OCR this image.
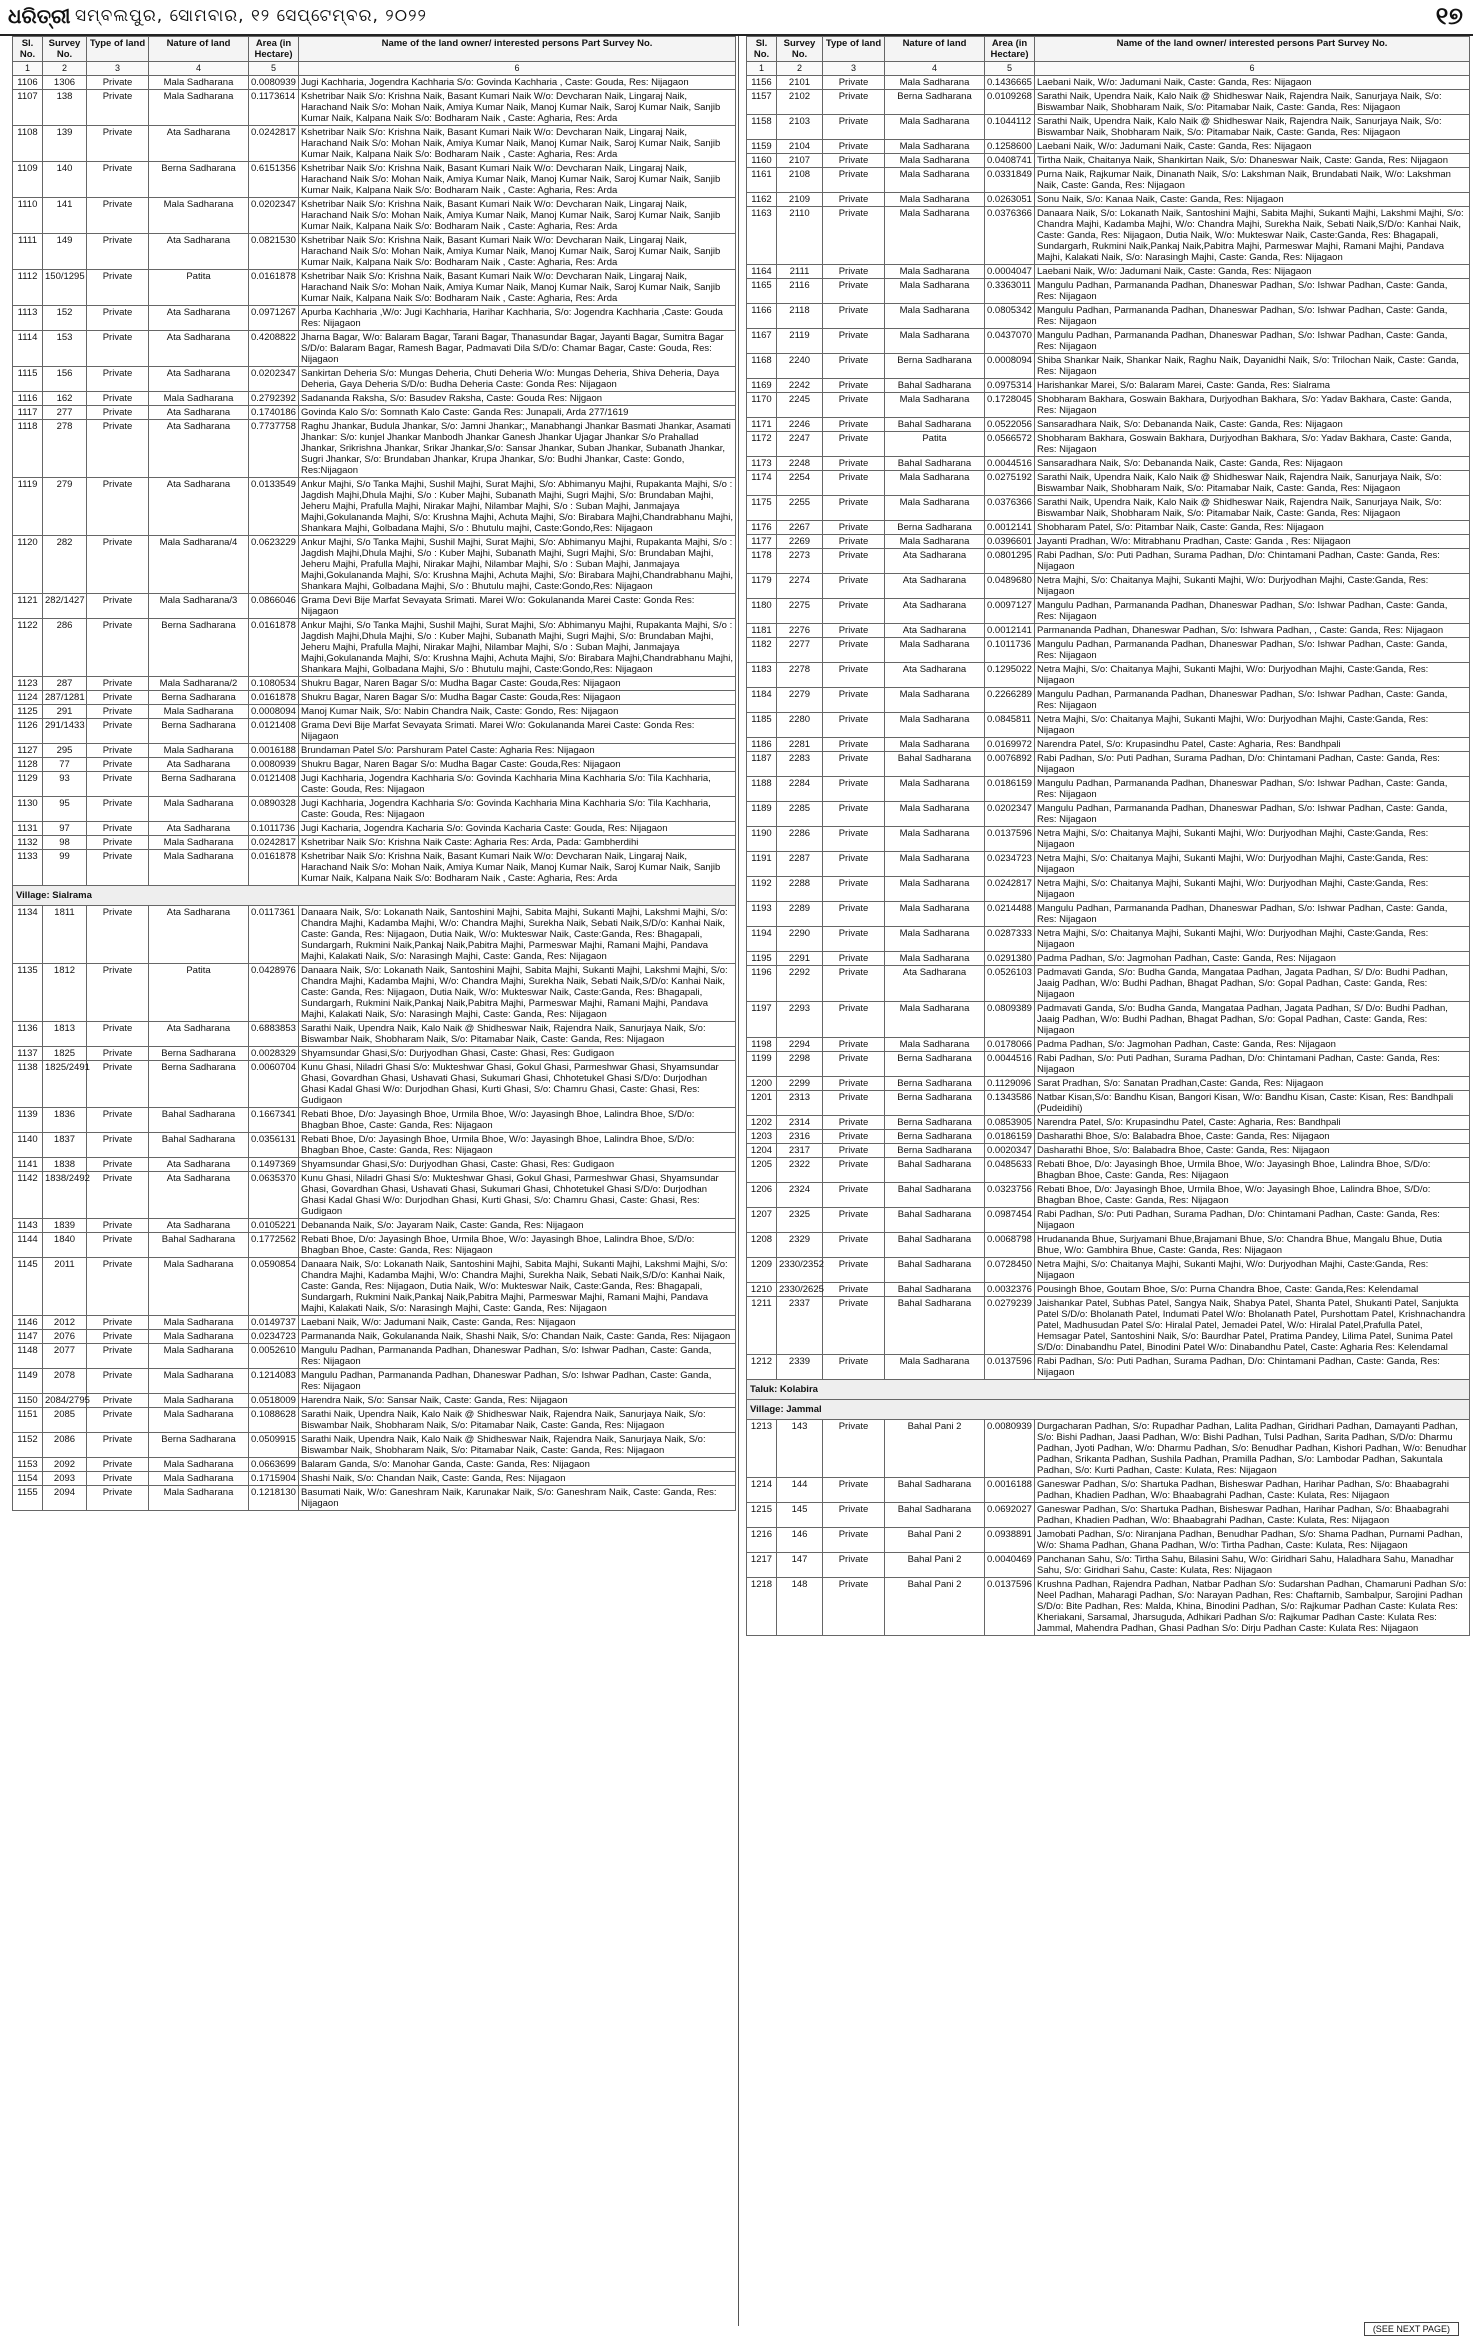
ଧରିତ୍ରୀ ସମ୍ବଲପୁର, ସୋମବାର, ୧୨ ସେପ୍ଟେମ୍ବର, ୨୦୨୨	୧୭
Sl. No.	Survey No.	Type of land	Nature of land	Area (in Hectare)	Name of the land owner/ interested persons Part Survey No.
1	2	3	4	5	6
1106	1306	Private	Mala Sadharana	0.0080939	Jugi Kachharia, Jogendra Kachharia S/o: Govinda Kachharia , Caste: Gouda, Res: Nijagaon
1107	138	Private	Mala Sadharana	0.1173614	Kshetribar Naik S/o: Krishna Naik, Basant Kumari Naik W/o: Devcharan Naik, Lingaraj Naik, Harachand Naik S/o: Mohan Naik, Amiya Kumar Naik, Manoj Kumar Naik, Saroj Kumar Naik, Sanjib Kumar Naik, Kalpana Naik S/o: Bodharam Naik , Caste: Agharia, Res: Arda
1108	139	Private	Ata Sadharana	0.0242817	Kshetribar Naik S/o: Krishna Naik, Basant Kumari Naik W/o: Devcharan Naik, Lingaraj Naik, Harachand Naik S/o: Mohan Naik, Amiya Kumar Naik, Manoj Kumar Naik, Saroj Kumar Naik, Sanjib Kumar Naik, Kalpana Naik S/o: Bodharam Naik , Caste: Agharia, Res: Arda
1109	140	Private	Berna Sadharana	0.6151356	Kshetribar Naik S/o: Krishna Naik, Basant Kumari Naik W/o: Devcharan Naik, Lingaraj Naik, Harachand Naik S/o: Mohan Naik, Amiya Kumar Naik, Manoj Kumar Naik, Saroj Kumar Naik, Sanjib Kumar Naik, Kalpana Naik S/o: Bodharam Naik , Caste: Agharia, Res: Arda
1110	141	Private	Mala Sadharana	0.0202347	Kshetribar Naik S/o: Krishna Naik, Basant Kumari Naik W/o: Devcharan Naik, Lingaraj Naik, Harachand Naik S/o: Mohan Naik, Amiya Kumar Naik, Manoj Kumar Naik, Saroj Kumar Naik, Sanjib Kumar Naik, Kalpana Naik S/o: Bodharam Naik , Caste: Agharia, Res: Arda
1111	149	Private	Ata Sadharana	0.0821530	Kshetribar Naik S/o: Krishna Naik, Basant Kumari Naik W/o: Devcharan Naik, Lingaraj Naik, Harachand Naik S/o: Mohan Naik, Amiya Kumar Naik, Manoj Kumar Naik, Saroj Kumar Naik, Sanjib Kumar Naik, Kalpana Naik S/o: Bodharam Naik , Caste: Agharia, Res: Arda
1112	150/1295	Private	Patita	0.0161878	Kshetribar Naik S/o: Krishna Naik, Basant Kumari Naik W/o: Devcharan Naik, Lingaraj Naik, Harachand Naik S/o: Mohan Naik, Amiya Kumar Naik, Manoj Kumar Naik, Saroj Kumar Naik, Sanjib Kumar Naik, Kalpana Naik S/o: Bodharam Naik , Caste: Agharia, Res: Arda
1113	152	Private	Ata Sadharana	0.0971267	Apurba Kachharia ,W/o: Jugi Kachharia, Harihar Kachharia, S/o: Jogendra Kachharia ,Caste: Gouda Res: Nijagaon
1114	153	Private	Ata Sadharana	0.4208822	Jharna Bagar, W/o: Balaram Bagar, Tarani Bagar, Thanasundar Bagar, Jayanti Bagar, Sumitra Bagar S/D/o: Balaram Bagar, Ramesh Bagar, Padmavati Dila S/D/o: Chamar Bagar, Caste: Gouda, Res: Nijagaon
1115	156	Private	Ata Sadharana	0.0202347	Sankirtan Deheria S/o: Mungas Deheria, Chuti Deheria W/o: Mungas Deheria, Shiva Deheria, Daya Deheria, Gaya Deheria S/D/o: Budha Deheria Caste: Gonda Res: Nijagaon
1116	162	Private	Mala Sadharana	0.2792392	Sadananda Raksha, S/o: Basudev Raksha, Caste: Gouda Res: Nijgaon
1117	277	Private	Ata Sadharana	0.1740186	Govinda Kalo S/o: Somnath Kalo Caste: Ganda Res: Junapali, Arda 277/1619
1118	278	Private	Ata Sadharana	0.7737758	Raghu Jhankar, Budula Jhankar, S/o: Jamni Jhankar;, Manabhangi Jhankar Basmati Jhankar, Asamati Jhankar: S/o: kunjel Jhankar Manbodh Jhankar Ganesh Jhankar Ujagar Jhankar S/o Prahallad Jhankar, Srikrishna Jhankar, Srikar Jhankar,S/o: Sansar Jhankar, Suban Jhankar, Subanath Jhankar, Sugri Jhankar, S/o: Brundaban Jhankar, Krupa Jhankar, S/o: Budhi Jhankar, Caste: Gondo, Res:Nijagaon
1119	279	Private	Ata Sadharana	0.0133549	Ankur Majhi, S/o Tanka Majhi, Sushil Majhi, Surat Majhi, S/o: Abhimanyu Majhi, Rupakanta Majhi, S/o : Jagdish Majhi,Dhula Majhi, S/o : Kuber Majhi, Subanath Majhi, Sugri Majhi, S/o: Brundaban Majhi, Jeheru Majhi, Prafulla Majhi, Nirakar Majhi, Nilambar Majhi, S/o : Suban Majhi, Janmajaya Majhi,Gokulananda Majhi, S/o: Krushna Majhi, Achuta Majhi, S/o: Birabara Majhi,Chandrabhanu Majhi, Shankara Majhi, Golbadana Majhi, S/o : Bhutulu majhi, Caste:Gondo,Res: Nijagaon
1120	282	Private	Mala Sadharana/4	0.0623229	Ankur Majhi, S/o Tanka Majhi, Sushil Majhi, Surat Majhi, S/o: Abhimanyu Majhi, Rupakanta Majhi, S/o : Jagdish Majhi,Dhula Majhi, S/o : Kuber Majhi, Subanath Majhi, Sugri Majhi, S/o: Brundaban Majhi, Jeheru Majhi, Prafulla Majhi, Nirakar Majhi, Nilambar Majhi, S/o : Suban Majhi, Janmajaya Majhi,Gokulananda Majhi, S/o: Krushna Majhi, Achuta Majhi, S/o: Birabara Majhi,Chandrabhanu Majhi, Shankara Majhi, Golbadana Majhi, S/o : Bhutulu majhi, Caste:Gondo,Res: Nijagaon
1121	282/1427	Private	Mala Sadharana/3	0.0866046	Grama Devi Bije Marfat Sevayata Srimati. Marei W/o: Gokulananda Marei Caste: Gonda Res: Nijagaon
1122	286	Private	Berna Sadharana	0.0161878	Ankur Majhi, S/o Tanka Majhi, Sushil Majhi, Surat Majhi, S/o: Abhimanyu Majhi, Rupakanta Majhi, S/o : Jagdish Majhi,Dhula Majhi, S/o : Kuber Majhi, Subanath Majhi, Sugri Majhi, S/o: Brundaban Majhi, Jeheru Majhi, Prafulla Majhi, Nirakar Majhi, Nilambar Majhi, S/o : Suban Majhi, Janmajaya Majhi,Gokulananda Majhi, S/o: Krushna Majhi, Achuta Majhi, S/o: Birabara Majhi,Chandrabhanu Majhi, Shankara Majhi, Golbadana Majhi, S/o : Bhutulu majhi, Caste:Gondo,Res: Nijagaon
1123	287	Private	Mala Sadharana/2	0.1080534	Shukru Bagar, Naren Bagar S/o: Mudha Bagar Caste: Gouda,Res: Nijagaon
1124	287/1281	Private	Berna Sadharana	0.0161878	Shukru Bagar, Naren Bagar S/o: Mudha Bagar Caste: Gouda,Res: Nijagaon
1125	291	Private	Mala Sadharana	0.0008094	Manoj Kumar Naik, S/o: Nabin Chandra Naik, Caste: Gondo, Res: Nijagaon
1126	291/1433	Private	Berna Sadharana	0.0121408	Grama Devi Bije Marfat Sevayata Srimati. Marei W/o: Gokulananda Marei Caste: Gonda Res: Nijagaon
1127	295	Private	Mala Sadharana	0.0016188	Brundaman Patel S/o: Parshuram Patel Caste: Agharia Res: Nijagaon
1128	77	Private	Ata Sadharana	0.0080939	Shukru Bagar, Naren Bagar S/o: Mudha Bagar Caste: Gouda,Res: Nijagaon
1129	93	Private	Berna Sadharana	0.0121408	Jugi Kachharia, Jogendra Kachharia S/o: Govinda Kachharia Mina Kachharia S/o: Tila Kachharia, Caste: Gouda, Res: Nijagaon
1130	95	Private	Mala Sadharana	0.0890328	Jugi Kachharia, Jogendra Kachharia S/o: Govinda Kachharia Mina Kachharia S/o: Tila Kachharia, Caste: Gouda, Res: Nijagaon
1131	97	Private	Ata Sadharana	0.1011736	Jugi Kacharia, Jogendra Kacharia S/o: Govinda Kacharia Caste: Gouda, Res: Nijagaon
1132	98	Private	Mala Sadharana	0.0242817	Kshetribar Naik S/o: Krishna Naik Caste: Agharia Res: Arda, Pada: Gambherdihi
1133	99	Private	Mala Sadharana	0.0161878	Kshetribar Naik S/o: Krishna Naik, Basant Kumari Naik W/o: Devcharan Naik, Lingaraj Naik, Harachand Naik S/o: Mohan Naik, Amiya Kumar Naik, Manoj Kumar Naik, Saroj Kumar Naik, Sanjib Kumar Naik, Kalpana Naik S/o: Bodharam Naik , Caste: Agharia, Res: Arda
Village: Sialrama					
1134	1811	Private	Ata Sadharana	0.0117361	Danaara Naik, S/o: Lokanath Naik, Santoshini Majhi, Sabita Majhi, Sukanti Majhi, Lakshmi Majhi, S/o: Chandra Majhi, Kadamba Majhi, W/o: Chandra Majhi, Surekha Naik, Sebati Naik,S/D/o: Kanhai Naik, Caste: Ganda, Res: Nijagaon, Dutia Naik, W/o: Mukteswar Naik, Caste:Ganda, Res: Bhagapali, Sundargarh, Rukmini Naik,Pankaj Naik,Pabitra Majhi, Parmeswar Majhi, Ramani Majhi, Pandava Majhi, Kalakati Naik, S/o: Narasingh Majhi, Caste: Ganda, Res: Nijagaon
1135	1812	Private	Patita	0.0428976	Danaara Naik, S/o: Lokanath Naik, Santoshini Majhi, Sabita Majhi, Sukanti Majhi, Lakshmi Majhi, S/o: Chandra Majhi, Kadamba Majhi, W/o: Chandra Majhi, Surekha Naik, Sebati Naik,S/D/o: Kanhai Naik, Caste: Ganda, Res: Nijagaon, Dutia Naik, W/o: Mukteswar Naik, Caste:Ganda, Res: Bhagapali, Sundargarh, Rukmini Naik,Pankaj Naik,Pabitra Majhi, Parmeswar Majhi, Ramani Majhi, Pandava Majhi, Kalakati Naik, S/o: Narasingh Majhi, Caste: Ganda, Res: Nijagaon
1136	1813	Private	Ata Sadharana	0.6883853	Sarathi Naik, Upendra Naik, Kalo Naik @ Shidheswar Naik, Rajendra Naik, Sanurjaya Naik, S/o: Biswambar Naik, Shobharam Naik, S/o: Pitamabar Naik, Caste: Ganda, Res: Nijagaon
1137	1825	Private	Berna Sadharana	0.0028329	Shyamsundar Ghasi,S/o: Durjyodhan Ghasi, Caste: Ghasi, Res: Gudigaon
1138	1825/2491	Private	Berna Sadharana	0.0060704	Kunu Ghasi, Niladri Ghasi S/o: Mukteshwar Ghasi, Gokul Ghasi, Parmeshwar Ghasi, Shyamsundar Ghasi, Govardhan Ghasi, Ushavati Ghasi, Sukumari Ghasi, Chhotetukel Ghasi S/D/o: Durjodhan Ghasi Kadal Ghasi W/o: Durjodhan Ghasi, Kurti Ghasi, S/o: Chamru Ghasi, Caste: Ghasi, Res: Gudigaon
1139	1836	Private	Bahal Sadharana	0.1667341	Rebati Bhoe, D/o: Jayasingh Bhoe, Urmila Bhoe, W/o: Jayasingh Bhoe, Lalindra Bhoe, S/D/o: Bhagban Bhoe, Caste: Ganda, Res: Nijagaon
1140	1837	Private	Bahal Sadharana	0.0356131	Rebati Bhoe, D/o: Jayasingh Bhoe, Urmila Bhoe, W/o: Jayasingh Bhoe, Lalindra Bhoe, S/D/o: Bhagban Bhoe, Caste: Ganda, Res: Nijagaon
1141	1838	Private	Ata Sadharana	0.1497369	Shyamsundar Ghasi,S/o: Durjyodhan Ghasi, Caste: Ghasi, Res: Gudigaon
1142	1838/2492	Private	Ata Sadharana	0.0635370	Kunu Ghasi, Niladri Ghasi S/o: Mukteshwar Ghasi, Gokul Ghasi, Parmeshwar Ghasi, Shyamsundar Ghasi, Govardhan Ghasi, Ushavati Ghasi, Sukumari Ghasi, Chhotetukel Ghasi S/D/o: Durjodhan Ghasi Kadal Ghasi W/o: Durjodhan Ghasi, Kurti Ghasi, S/o: Chamru Ghasi, Caste: Ghasi, Res: Gudigaon
1143	1839	Private	Ata Sadharana	0.0105221	Debananda Naik, S/o: Jayaram Naik, Caste: Ganda, Res: Nijagaon
1144	1840	Private	Bahal Sadharana	0.1772562	Rebati Bhoe, D/o: Jayasingh Bhoe, Urmila Bhoe, W/o: Jayasingh Bhoe, Lalindra Bhoe, S/D/o: Bhagban Bhoe, Caste: Ganda, Res: Nijagaon
1145	2011	Private	Mala Sadharana	0.0590854	Danaara Naik, S/o: Lokanath Naik, Santoshini Majhi, Sabita Majhi, Sukanti Majhi, Lakshmi Majhi, S/o: Chandra Majhi, Kadamba Majhi, W/o: Chandra Majhi, Surekha Naik, Sebati Naik,S/D/o: Kanhai Naik, Caste: Ganda, Res: Nijagaon, Dutia Naik, W/o: Mukteswar Naik, Caste:Ganda, Res: Bhagapali, Sundargarh, Rukmini Naik,Pankaj Naik,Pabitra Majhi, Parmeswar Majhi, Ramani Majhi, Pandava Majhi, Kalakati Naik, S/o: Narasingh Majhi, Caste: Ganda, Res: Nijagaon
1146	2012	Private	Mala Sadharana	0.0149737	Laebani Naik, W/o: Jadumani Naik, Caste: Ganda, Res: Nijagaon
1147	2076	Private	Mala Sadharana	0.0234723	Parmananda Naik, Gokulananda Naik, Shashi Naik, S/o: Chandan Naik, Caste: Ganda, Res: Nijagaon
1148	2077	Private	Mala Sadharana	0.0052610	Mangulu Padhan, Parmananda Padhan, Dhaneswar Padhan, S/o: Ishwar Padhan, Caste: Ganda, Res: Nijagaon
1149	2078	Private	Mala Sadharana	0.1214083	Mangulu Padhan, Parmananda Padhan, Dhaneswar Padhan, S/o: Ishwar Padhan, Caste: Ganda, Res: Nijagaon
1150	2084/2795	Private	Mala Sadharana	0.0518009	Harendra Naik, S/o: Sansar Naik, Caste: Ganda, Res: Nijagaon
1151	2085	Private	Mala Sadharana	0.1088628	Sarathi Naik, Upendra Naik, Kalo Naik @ Shidheswar Naik, Rajendra Naik, Sanurjaya Naik, S/o: Biswambar Naik, Shobharam Naik, S/o: Pitamabar Naik, Caste: Ganda, Res: Nijagaon
1152	2086	Private	Berna Sadharana	0.0509915	Sarathi Naik, Upendra Naik, Kalo Naik @ Shidheswar Naik, Rajendra Naik, Sanurjaya Naik, S/o: Biswambar Naik, Shobharam Naik, S/o: Pitamabar Naik, Caste: Ganda, Res: Nijagaon
1153	2092	Private	Mala Sadharana	0.0663699	Balaram Ganda, S/o: Manohar Ganda, Caste: Ganda, Res: Nijagaon
1154	2093	Private	Mala Sadharana	0.1715904	Shashi Naik, S/o: Chandan Naik, Caste: Ganda, Res: Nijagaon
1155	2094	Private	Mala Sadharana	0.1218130	Basumati Naik, W/o: Ganeshram Naik, Karunakar Naik, S/o: Ganeshram Naik, Caste: Ganda, Res: Nijagaon
Sl. No.	Survey No.	Type of land	Nature of land	Area (in Hectare)	Name of the land owner/ interested persons Part Survey No.
1	2	3	4	5	6
1156	2101	Private	Mala Sadharana	0.1436665	Laebani Naik, W/o: Jadumani Naik, Caste: Ganda, Res: Nijagaon
1157	2102	Private	Berna Sadharana	0.0109268	Sarathi Naik, Upendra Naik, Kalo Naik @ Shidheswar Naik, Rajendra Naik, Sanurjaya Naik, S/o: Biswambar Naik, Shobharam Naik, S/o: Pitamabar Naik, Caste: Ganda, Res: Nijagaon
1158	2103	Private	Mala Sadharana	0.1044112	Sarathi Naik, Upendra Naik, Kalo Naik @ Shidheswar Naik, Rajendra Naik, Sanurjaya Naik, S/o: Biswambar Naik, Shobharam Naik, S/o: Pitamabar Naik, Caste: Ganda, Res: Nijagaon
1159	2104	Private	Mala Sadharana	0.1258600	Laebani Naik, W/o: Jadumani Naik, Caste: Ganda, Res: Nijagaon
1160	2107	Private	Mala Sadharana	0.0408741	Tirtha Naik, Chaitanya Naik, Shankirtan Naik, S/o: Dhaneswar Naik, Caste: Ganda, Res: Nijagaon
1161	2108	Private	Mala Sadharana	0.0331849	Purna Naik, Rajkumar Naik, Dinanath Naik, S/o: Lakshman Naik, Brundabati Naik, W/o: Lakshman Naik, Caste: Ganda, Res: Nijagaon
1162	2109	Private	Mala Sadharana	0.0263051	Sonu Naik, S/o: Kanaa Naik, Caste: Ganda, Res: Nijagaon
1163	2110	Private	Mala Sadharana	0.0376366	Danaara Naik, S/o: Lokanath Naik, Santoshini Majhi, Sabita Majhi, Sukanti Majhi, Lakshmi Majhi, S/o: Chandra Majhi, Kadamba Majhi, W/o: Chandra Majhi, Surekha Naik, Sebati Naik,S/D/o: Kanhai Naik, Caste: Ganda, Res: Nijagaon, Dutia Naik, W/o: Mukteswar Naik, Caste:Ganda, Res: Bhagapali, Sundargarh, Rukmini Naik,Pankaj Naik,Pabitra Majhi, Parmeswar Majhi, Ramani Majhi, Pandava Majhi, Kalakati Naik, S/o: Narasingh Majhi, Caste: Ganda, Res: Nijagaon
1164	2111	Private	Mala Sadharana	0.0004047	Laebani Naik, W/o: Jadumani Naik, Caste: Ganda, Res: Nijagaon
1165	2116	Private	Mala Sadharana	0.3363011	Mangulu Padhan, Parmananda Padhan, Dhaneswar Padhan, S/o: Ishwar Padhan, Caste: Ganda, Res: Nijagaon
1166	2118	Private	Mala Sadharana	0.0805342	Mangulu Padhan, Parmananda Padhan, Dhaneswar Padhan, S/o: Ishwar Padhan, Caste: Ganda, Res: Nijagaon
1167	2119	Private	Mala Sadharana	0.0437070	Mangulu Padhan, Parmananda Padhan, Dhaneswar Padhan, S/o: Ishwar Padhan, Caste: Ganda, Res: Nijagaon
1168	2240	Private	Berna Sadharana	0.0008094	Shiba Shankar Naik, Shankar Naik, Raghu Naik, Dayanidhi Naik, S/o: Trilochan Naik, Caste: Ganda, Res: Nijagaon
1169	2242	Private	Bahal Sadharana	0.0975314	Harishankar Marei, S/o: Balaram Marei, Caste: Ganda, Res: Sialrama
1170	2245	Private	Mala Sadharana	0.1728045	Shobharam Bakhara, Goswain Bakhara, Durjyodhan Bakhara, S/o: Yadav Bakhara, Caste: Ganda, Res: Nijagaon
1171	2246	Private	Bahal Sadharana	0.0522056	Sansaradhara Naik, S/o: Debananda Naik, Caste: Ganda, Res: Nijagaon
1172	2247	Private	Patita	0.0566572	Shobharam Bakhara, Goswain Bakhara, Durjyodhan Bakhara, S/o: Yadav Bakhara, Caste: Ganda, Res: Nijagaon
1173	2248	Private	Bahal Sadharana	0.0044516	Sansaradhara Naik, S/o: Debananda Naik, Caste: Ganda, Res: Nijagaon
1174	2254	Private	Mala Sadharana	0.0275192	Sarathi Naik, Upendra Naik, Kalo Naik @ Shidheswar Naik, Rajendra Naik, Sanurjaya Naik, S/o: Biswambar Naik, Shobharam Naik, S/o: Pitamabar Naik, Caste: Ganda, Res: Nijagaon
1175	2255	Private	Mala Sadharana	0.0376366	Sarathi Naik, Upendra Naik, Kalo Naik @ Shidheswar Naik, Rajendra Naik, Sanurjaya Naik, S/o: Biswambar Naik, Shobharam Naik, S/o: Pitamabar Naik, Caste: Ganda, Res: Nijagaon
1176	2267	Private	Berna Sadharana	0.0012141	Shobharam Patel, S/o: Pitambar Naik, Caste: Ganda, Res: Nijagaon
1177	2269	Private	Mala Sadharana	0.0396601	Jayanti Pradhan, W/o: Mitrabhanu Pradhan, Caste: Ganda , Res: Nijagaon
1178	2273	Private	Ata Sadharana	0.0801295	Rabi Padhan, S/o: Puti Padhan, Surama Padhan, D/o: Chintamani Padhan, Caste: Ganda, Res: Nijagaon
1179	2274	Private	Ata Sadharana	0.0489680	Netra Majhi, S/o: Chaitanya Majhi, Sukanti Majhi, W/o: Durjyodhan Majhi, Caste:Ganda, Res: Nijagaon
1180	2275	Private	Ata Sadharana	0.0097127	Mangulu Padhan, Parmananda Padhan, Dhaneswar Padhan, S/o: Ishwar Padhan, Caste: Ganda, Res: Nijagaon
1181	2276	Private	Ata Sadharana	0.0012141	Parmananda Padhan, Dhaneswar Padhan, S/o: Ishwara Padhan, , Caste: Ganda, Res: Nijagaon
1182	2277	Private	Mala Sadharana	0.1011736	Mangulu Padhan, Parmananda Padhan, Dhaneswar Padhan, S/o: Ishwar Padhan, Caste: Ganda, Res: Nijagaon
1183	2278	Private	Ata Sadharana	0.1295022	Netra Majhi, S/o: Chaitanya Majhi, Sukanti Majhi, W/o: Durjyodhan Majhi, Caste:Ganda, Res: Nijagaon
1184	2279	Private	Mala Sadharana	0.2266289	Mangulu Padhan, Parmananda Padhan, Dhaneswar Padhan, S/o: Ishwar Padhan, Caste: Ganda, Res: Nijagaon
1185	2280	Private	Mala Sadharana	0.0845811	Netra Majhi, S/o: Chaitanya Majhi, Sukanti Majhi, W/o: Durjyodhan Majhi, Caste:Ganda, Res: Nijagaon
1186	2281	Private	Mala Sadharana	0.0169972	Narendra Patel, S/o: Krupasindhu Patel, Caste: Agharia, Res: Bandhpali
1187	2283	Private	Bahal Sadharana	0.0076892	Rabi Padhan, S/o: Puti Padhan, Surama Padhan, D/o: Chintamani Padhan, Caste: Ganda, Res: Nijagaon
1188	2284	Private	Mala Sadharana	0.0186159	Mangulu Padhan, Parmananda Padhan, Dhaneswar Padhan, S/o: Ishwar Padhan, Caste: Ganda, Res: Nijagaon
1189	2285	Private	Mala Sadharana	0.0202347	Mangulu Padhan, Parmananda Padhan, Dhaneswar Padhan, S/o: Ishwar Padhan, Caste: Ganda, Res: Nijagaon
1190	2286	Private	Mala Sadharana	0.0137596	Netra Majhi, S/o: Chaitanya Majhi, Sukanti Majhi, W/o: Durjyodhan Majhi, Caste:Ganda, Res: Nijagaon
1191	2287	Private	Mala Sadharana	0.0234723	Netra Majhi, S/o: Chaitanya Majhi, Sukanti Majhi, W/o: Durjyodhan Majhi, Caste:Ganda, Res: Nijagaon
1192	2288	Private	Mala Sadharana	0.0242817	Netra Majhi, S/o: Chaitanya Majhi, Sukanti Majhi, W/o: Durjyodhan Majhi, Caste:Ganda, Res: Nijagaon
1193	2289	Private	Mala Sadharana	0.0214488	Mangulu Padhan, Parmananda Padhan, Dhaneswar Padhan, S/o: Ishwar Padhan, Caste: Ganda, Res: Nijagaon
1194	2290	Private	Mala Sadharana	0.0287333	Netra Majhi, S/o: Chaitanya Majhi, Sukanti Majhi, W/o: Durjyodhan Majhi, Caste:Ganda, Res: Nijagaon
1195	2291	Private	Mala Sadharana	0.0291380	Padma Padhan, S/o: Jagmohan Padhan, Caste: Ganda, Res: Nijagaon
1196	2292	Private	Ata Sadharana	0.0526103	Padmavati Ganda, S/o: Budha Ganda, Mangataa Padhan, Jagata Padhan, S/ D/o: Budhi Padhan, Jaaig Padhan, W/o: Budhi Padhan, Bhagat Padhan, S/o: Gopal Padhan, Caste: Ganda, Res: Nijagaon
1197	2293	Private	Mala Sadharana	0.0809389	Padmavati Ganda, S/o: Budha Ganda, Mangataa Padhan, Jagata Padhan, S/ D/o: Budhi Padhan, Jaaig Padhan, W/o: Budhi Padhan, Bhagat Padhan, S/o: Gopal Padhan, Caste: Ganda, Res: Nijagaon
1198	2294	Private	Mala Sadharana	0.0178066	Padma Padhan, S/o: Jagmohan Padhan, Caste: Ganda, Res: Nijagaon
1199	2298	Private	Berna Sadharana	0.0044516	Rabi Padhan, S/o: Puti Padhan, Surama Padhan, D/o: Chintamani Padhan, Caste: Ganda, Res: Nijagaon
1200	2299	Private	Berna Sadharana	0.1129096	Sarat Pradhan, S/o: Sanatan Pradhan,Caste: Ganda, Res: Nijagaon
1201	2313	Private	Berna Sadharana	0.1343586	Natbar Kisan,S/o: Bandhu Kisan, Bangori Kisan, W/o: Bandhu Kisan, Caste: Kisan, Res: Bandhpali (Pudeidihi)
1202	2314	Private	Berna Sadharana	0.0853905	Narendra Patel, S/o: Krupasindhu Patel, Caste: Agharia, Res: Bandhpali
1203	2316	Private	Berna Sadharana	0.0186159	Dasharathi Bhoe, S/o: Balabadra Bhoe, Caste: Ganda, Res: Nijagaon
1204	2317	Private	Berna Sadharana	0.0020347	Dasharathi Bhoe, S/o: Balabadra Bhoe, Caste: Ganda, Res: Nijagaon
1205	2322	Private	Bahal Sadharana	0.0485633	Rebati Bhoe, D/o: Jayasingh Bhoe, Urmila Bhoe, W/o: Jayasingh Bhoe, Lalindra Bhoe, S/D/o: Bhagban Bhoe, Caste: Ganda, Res: Nijagaon
1206	2324	Private	Bahal Sadharana	0.0323756	Rebati Bhoe, D/o: Jayasingh Bhoe, Urmila Bhoe, W/o: Jayasingh Bhoe, Lalindra Bhoe, S/D/o: Bhagban Bhoe, Caste: Ganda, Res: Nijagaon
1207	2325	Private	Bahal Sadharana	0.0987454	Rabi Padhan, S/o: Puti Padhan, Surama Padhan, D/o: Chintamani Padhan, Caste: Ganda, Res: Nijagaon
1208	2329	Private	Bahal Sadharana	0.0068798	Hrudananda Bhue, Surjyamani Bhue,Brajamani Bhue, S/o: Chandra Bhue, Mangalu Bhue, Dutia Bhue, W/o: Gambhira Bhue, Caste: Ganda, Res: Nijagaon
1209	2330/2352	Private	Bahal Sadharana	0.0728450	Netra Majhi, S/o: Chaitanya Majhi, Sukanti Majhi, W/o: Durjyodhan Majhi, Caste:Ganda, Res: Nijagaon
1210	2330/2625	Private	Bahal Sadharana	0.0032376	Pousingh Bhoe, Goutam Bhoe, S/o: Purna Chandra Bhoe, Caste: Ganda,Res: Kelendamal
1211	2337	Private	Bahal Sadharana	0.0279239	Jaishankar Patel, Subhas Patel, Sangya Naik, Shabya Patel, Shanta Patel, Shukanti Patel, Sanjukta Patel S/D/o: Bholanath Patel, Indumati Patel W/o: Bholanath Patel, Purshottam Patel, Krishnachandra Patel, Madhusudan Patel S/o: Hiralal Patel, Jemadei Patel, W/o: Hiralal Patel,Prafulla Patel, Hemsagar Patel, Santoshini Naik, S/o: Baurdhar Patel, Pratima Pandey, Lilima Patel, Sunima Patel S/D/o: Dinabandhu Patel, Binodini Patel W/o: Dinabandhu Patel, Caste: Agharia Res: Kelendamal
1212	2339	Private	Mala Sadharana	0.0137596	Rabi Padhan, S/o: Puti Padhan, Surama Padhan, D/o: Chintamani Padhan, Caste: Ganda, Res: Nijagaon
Taluk: Kolabira					
Village: Jammal					
1213	143	Private	Bahal Pani 2	0.0080939	Durgacharan Padhan, S/o: Rupadhar Padhan, Lalita Padhan, Giridhari Padhan, Damayanti Padhan, S/o: Bishi Padhan, Jaasi Padhan, W/o: Bishi Padhan, Tulsi Padhan, Sarita Padhan, S/D/o: Dharmu Padhan, Jyoti Padhan, W/o: Dharmu Padhan, S/o: Benudhar Padhan, Kishori Padhan, W/o: Benudhar Padhan, Srikanta Padhan, Sushila Padhan, Pramilla Padhan, S/o: Lambodar Padhan, Sakuntala Padhan, S/o: Kurti Padhan, Caste: Kulata, Res: Nijagaon
1214	144	Private	Bahal Sadharana	0.0016188	Ganeswar Padhan, S/o: Shartuka Padhan, Bisheswar Padhan, Harihar Padhan, S/o: Bhaabagrahi Padhan, Khadien Padhan, W/o: Bhaabagrahi Padhan, Caste: Kulata, Res: Nijagaon
1215	145	Private	Bahal Sadharana	0.0692027	Ganeswar Padhan, S/o: Shartuka Padhan, Bisheswar Padhan, Harihar Padhan, S/o: Bhaabagrahi Padhan, Khadien Padhan, W/o: Bhaabagrahi Padhan, Caste: Kulata, Res: Nijagaon
1216	146	Private	Bahal Pani 2	0.0938891	Jamobati Padhan, S/o: Niranjana Padhan, Benudhar Padhan, S/o: Shama Padhan, Purnami Padhan, W/o: Shama Padhan, Ghana Padhan, W/o: Tirtha Padhan, Caste: Kulata, Res: Nijagaon
1217	147	Private	Bahal Pani 2	0.0040469	Panchanan Sahu, S/o: Tirtha Sahu, Bilasini Sahu, W/o: Giridhari Sahu, Haladhara Sahu, Manadhar Sahu, S/o: Giridhari Sahu, Caste: Kulata, Res: Nijagaon
1218	148	Private	Bahal Pani 2	0.0137596	Krushna Padhan, Rajendra Padhan, Natbar Padhan S/o: Sudarshan Padhan, Chamaruni Padhan S/o: Neel Padhan, Maharagi Padhan, S/o: Narayan Padhan, Res: Chaftarnib, Sambalpur, Sarojini Padhan S/D/o: Bite Padhan, Res: Malda, Khina, Binodini Padhan, S/o: Rajkumar Padhan Caste: Kulata Res: Kheriakani, Sarsamal, Jharsuguda, Adhikari Padhan S/o: Rajkumar Padhan Caste: Kulata Res: Jammal, Mahendra Padhan, Ghasi Padhan S/o: Dirju Padhan Caste: Kulata Res: Nijagaon
(SEE NEXT PAGE)
